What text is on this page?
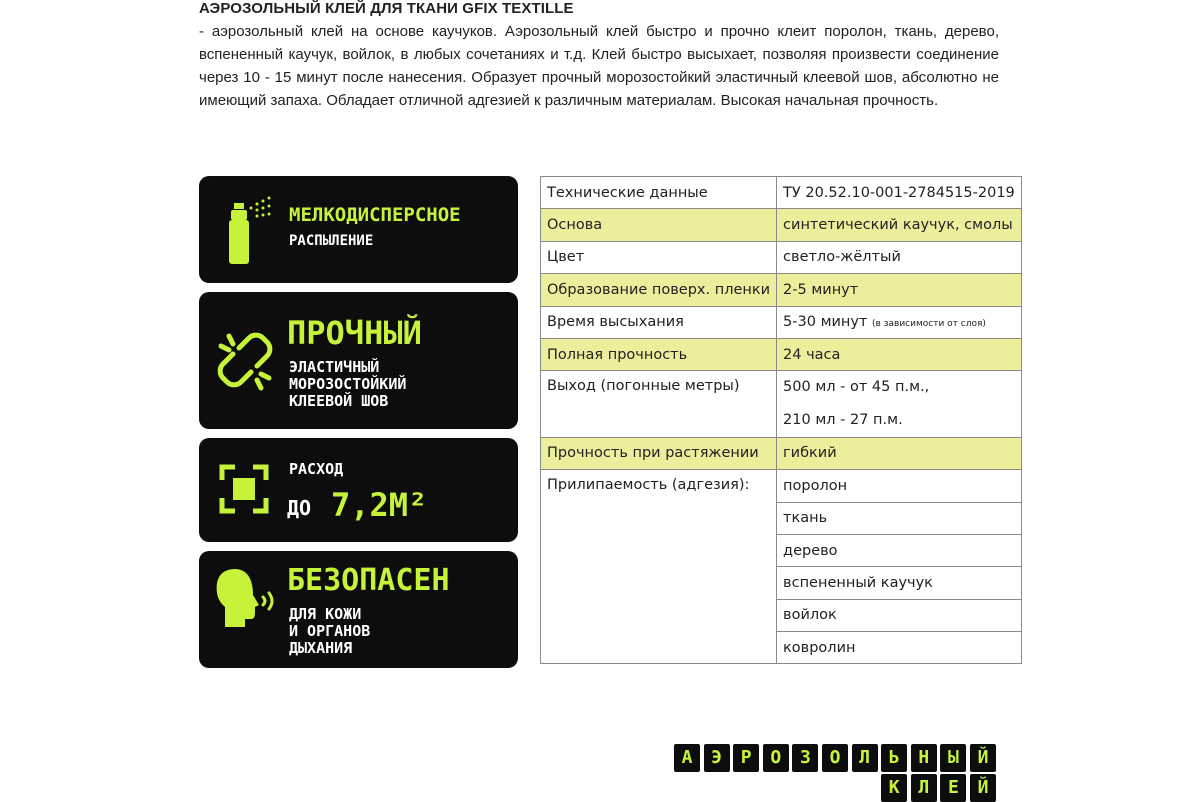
АЭРОЗОЛЬНЫЙ КЛЕЙ ДЛЯ ТКАНИ GFIX TEXTILLE
- аэрозольный клей на основе каучуков. Аэрозольный клей быстро и прочно клеит поролон, ткань, дерево, вспененный каучук, войлок, в любых сочетаниях и т.д. Клей быстро высыхает, позволяя произвести соединение через 10 - 15 минут после нанесения. Образует прочный морозостойкий эластичный клеевой шов, абсолютно не имеющий запаха. Обладает отличной адгезией к различным материалам. Высокая начальная прочность.
МЕЛКОДИСПЕРСНОЕ
РАСПЫЛЕНИЕ
ПРОЧНЫЙ
ЭЛАСТИЧНЫЙ
МОРОЗОСТОЙКИЙ
КЛЕЕВОЙ ШОВ
РАСХОД
ДО 7,2М²
БЕЗОПАСЕН
ДЛЯ КОЖИ
И ОРГАНОВ
ДЫХАНИЯ
Технические данные	ТУ 20.52.10-001-2784515-2019
Основа	синтетический каучук, смолы
Цвет	светло-жёлтый
Образование поверх. пленки	2-5 минут
Время высыхания	5-30 минут (в зависимости от слоя)
Полная прочность	24 часа
Выход (погонные метры)	500 мл - от 45 п.м.,
	210 мл - 27 п.м.
Прочность при растяжении	гибкий
Прилипаемость (адгезия):	поролон
	ткань
	дерево
	вспененный каучук
	войлок
	ковролин
А	Э	Р	О	З	О	Л	Ь	Н	Ы	Й
К	Л	Е	Й
